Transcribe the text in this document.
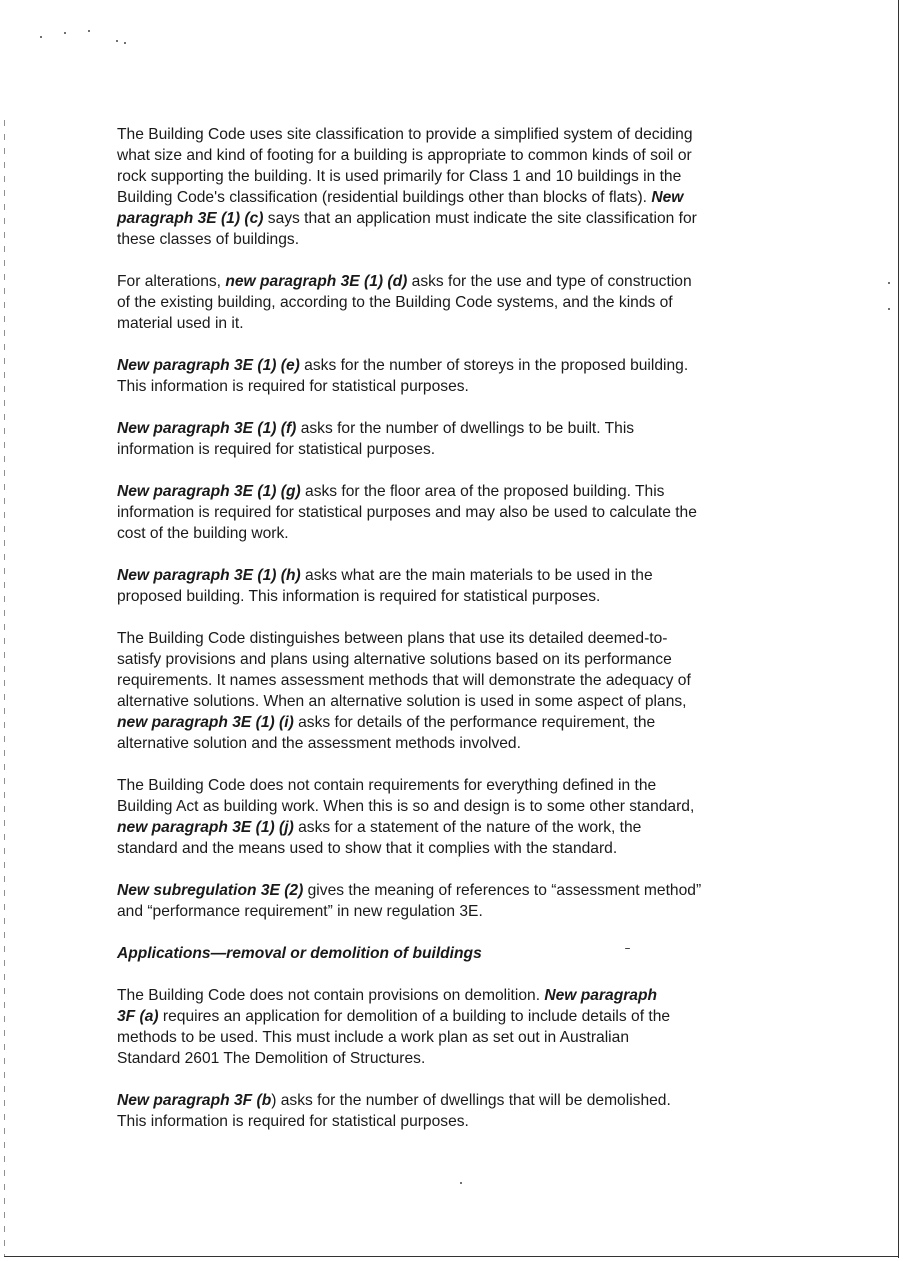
The Building Code uses site classification to provide a simplified system of deciding
what size and kind of footing for a building is appropriate to common kinds of soil or
rock supporting the building. It is used primarily for Class 1 and 10 buildings in the
Building Code's classification (residential buildings other than blocks of flats). New
paragraph 3E (1) (c) says that an application must indicate the site classification for
these classes of buildings.
For alterations, new paragraph 3E (1) (d) asks for the use and type of construction
of the existing building, according to the Building Code systems, and the kinds of
material used in it.
New paragraph 3E (1) (e) asks for the number of storeys in the proposed building.
This information is required for statistical purposes.
New paragraph 3E (1) (f) asks for the number of dwellings to be built. This
information is required for statistical purposes.
New paragraph 3E (1) (g) asks for the floor area of the proposed building. This
information is required for statistical purposes and may also be used to calculate the
cost of the building work.
New paragraph 3E (1) (h) asks what are the main materials to be used in the
proposed building. This information is required for statistical purposes.
The Building Code distinguishes between plans that use its detailed deemed-to-
satisfy provisions and plans using alternative solutions based on its performance
requirements. It names assessment methods that will demonstrate the adequacy of
alternative solutions. When an alternative solution is used in some aspect of plans,
new paragraph 3E (1) (i) asks for details of the performance requirement, the
alternative solution and the assessment methods involved.
The Building Code does not contain requirements for everything defined in the
Building Act as building work. When this is so and design is to some other standard,
new paragraph 3E (1) (j) asks for a statement of the nature of the work, the
standard and the means used to show that it complies with the standard.
New subregulation 3E (2) gives the meaning of references to “assessment method”
and “performance requirement” in new regulation 3E.
Applications—removal or demolition of buildings
The Building Code does not contain provisions on demolition. New paragraph
3F (a) requires an application for demolition of a building to include details of the
methods to be used. This must include a work plan as set out in Australian
Standard 2601 The Demolition of Structures.
New paragraph 3F (b) asks for the number of dwellings that will be demolished.
This information is required for statistical purposes.
